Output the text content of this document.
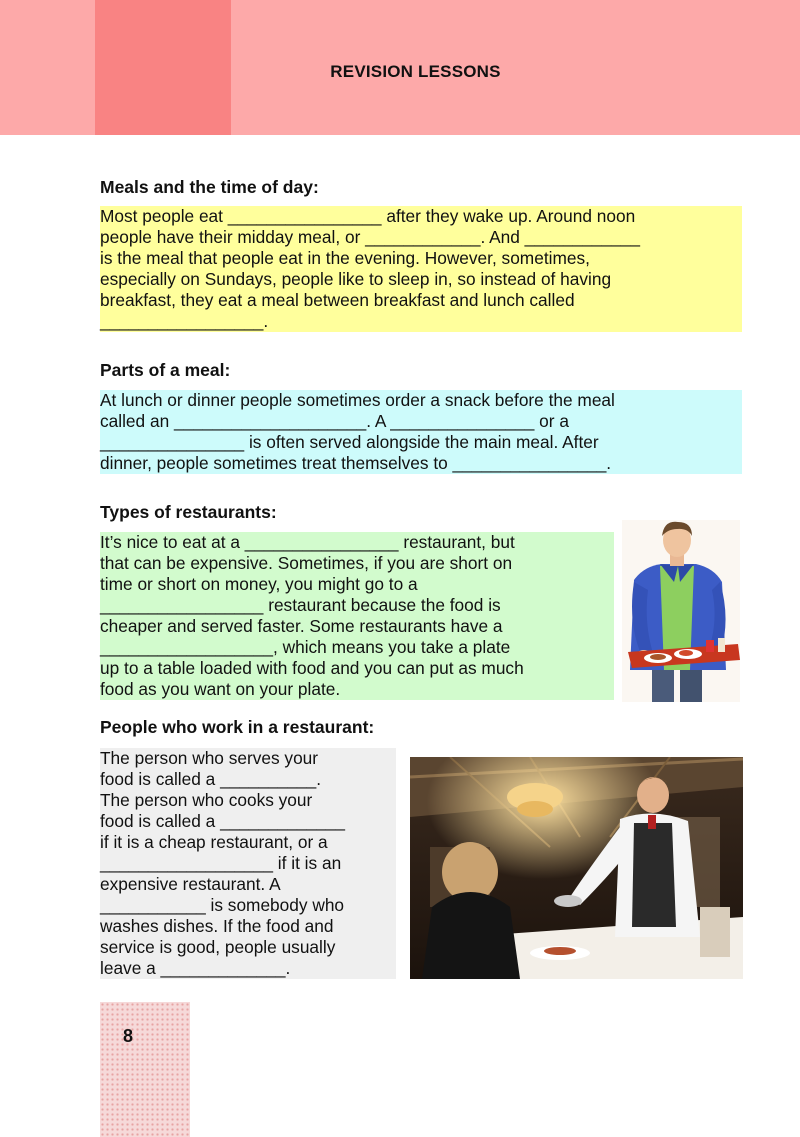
REVISION LESSONS
Meals and the time of day:
Most people eat ________________ after they wake up. Around noon
people have their midday meal, or ____________. And ____________
is the meal that people eat in the evening. However, sometimes,
especially on Sundays, people like to sleep in, so instead of having
breakfast, they eat a meal between breakfast and lunch called
_________________.
Parts of a meal:
At lunch or dinner people sometimes order a snack before the meal
called an ____________________. A _______________ or a
_______________ is often served alongside the main meal. After
dinner, people sometimes treat themselves to ________________.
Types of restaurants:
It’s nice to eat at a ________________ restaurant, but
that can be expensive. Sometimes, if you are short on
time or short on money, you might go to a
_________________ restaurant because the food is
cheaper and served faster. Some restaurants have a
__________________, which means you take a plate
up to a table loaded with food and you can put as much
food as you want on your plate.
People who work in a restaurant:
The person who serves your
food is called a __________.
The person who cooks your
food is called a _____________
if it is a cheap restaurant, or a
__________________ if it is an
expensive restaurant. A
___________ is somebody who
washes dishes. If the food and
service is good, people usually
leave a _____________.
8
